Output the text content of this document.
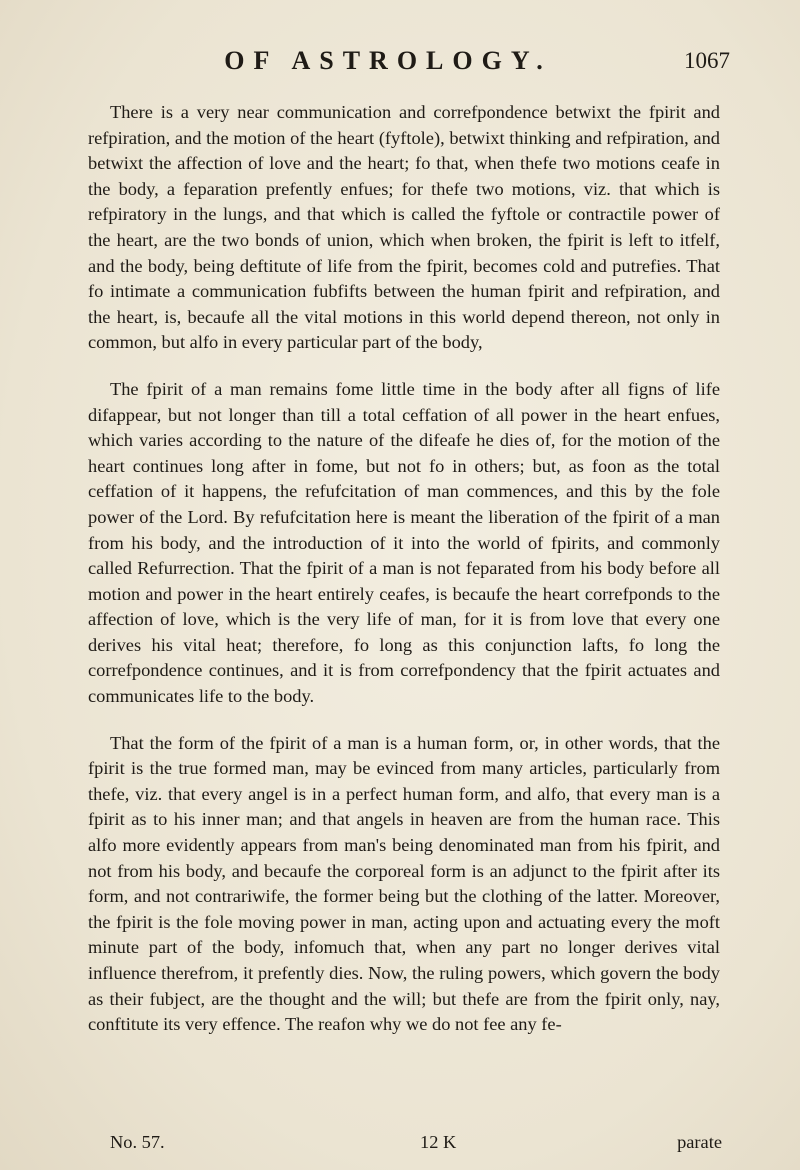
OF ASTROLOGY.	1067

There is a very near communication and correfpondence betwixt the fpirit and refpiration, and the motion of the heart (fyftole), betwixt thinking and refpiration, and betwixt the affection of love and the heart; fo that, when thefe two motions ceafe in the body, a feparation prefently enfues; for thefe two motions, viz. that which is refpiratory in the lungs, and that which is called the fyftole or contractile power of the heart, are the two bonds of union, which when broken, the fpirit is left to itfelf, and the body, being deftitute of life from the fpirit, becomes cold and putrefies. That fo intimate a communication fubfifts between the human fpirit and refpiration, and the heart, is, becaufe all the vital motions in this world depend thereon, not only in common, but alfo in every particular part of the body,

The fpirit of a man remains fome little time in the body after all figns of life difappear, but not longer than till a total ceffation of all power in the heart enfues, which varies according to the nature of the difeafe he dies of, for the motion of the heart continues long after in fome, but not fo in others; but, as foon as the total ceffation of it happens, the refufcitation of man commences, and this by the fole power of the Lord. By refufcitation here is meant the liberation of the fpirit of a man from his body, and the introduction of it into the world of fpirits, and commonly called Refurrection. That the fpirit of a man is not feparated from his body before all motion and power in the heart entirely ceafes, is becaufe the heart correfponds to the affection of love, which is the very life of man, for it is from love that every one derives his vital heat; therefore, fo long as this conjunction lafts, fo long the correfpondence continues, and it is from correfpondency that the fpirit actuates and communicates life to the body.

That the form of the fpirit of a man is a human form, or, in other words, that the fpirit is the true formed man, may be evinced from many articles, particularly from thefe, viz. that every angel is in a perfect human form, and alfo, that every man is a fpirit as to his inner man; and that angels in heaven are from the human race. This alfo more evidently appears from man's being denominated man from his fpirit, and not from his body, and becaufe the corporeal form is an adjunct to the fpirit after its form, and not contrariwife, the former being but the clothing of the latter. Moreover, the fpirit is the fole moving power in man, acting upon and actuating every the moft minute part of the body, infomuch that, when any part no longer derives vital influence therefrom, it prefently dies. Now, the ruling powers, which govern the body as their fubject, are the thought and the will; but thefe are from the fpirit only, nay, conftitute its very effence. The reafon why we do not fee any fe-

No. 57.	12 K	parate
